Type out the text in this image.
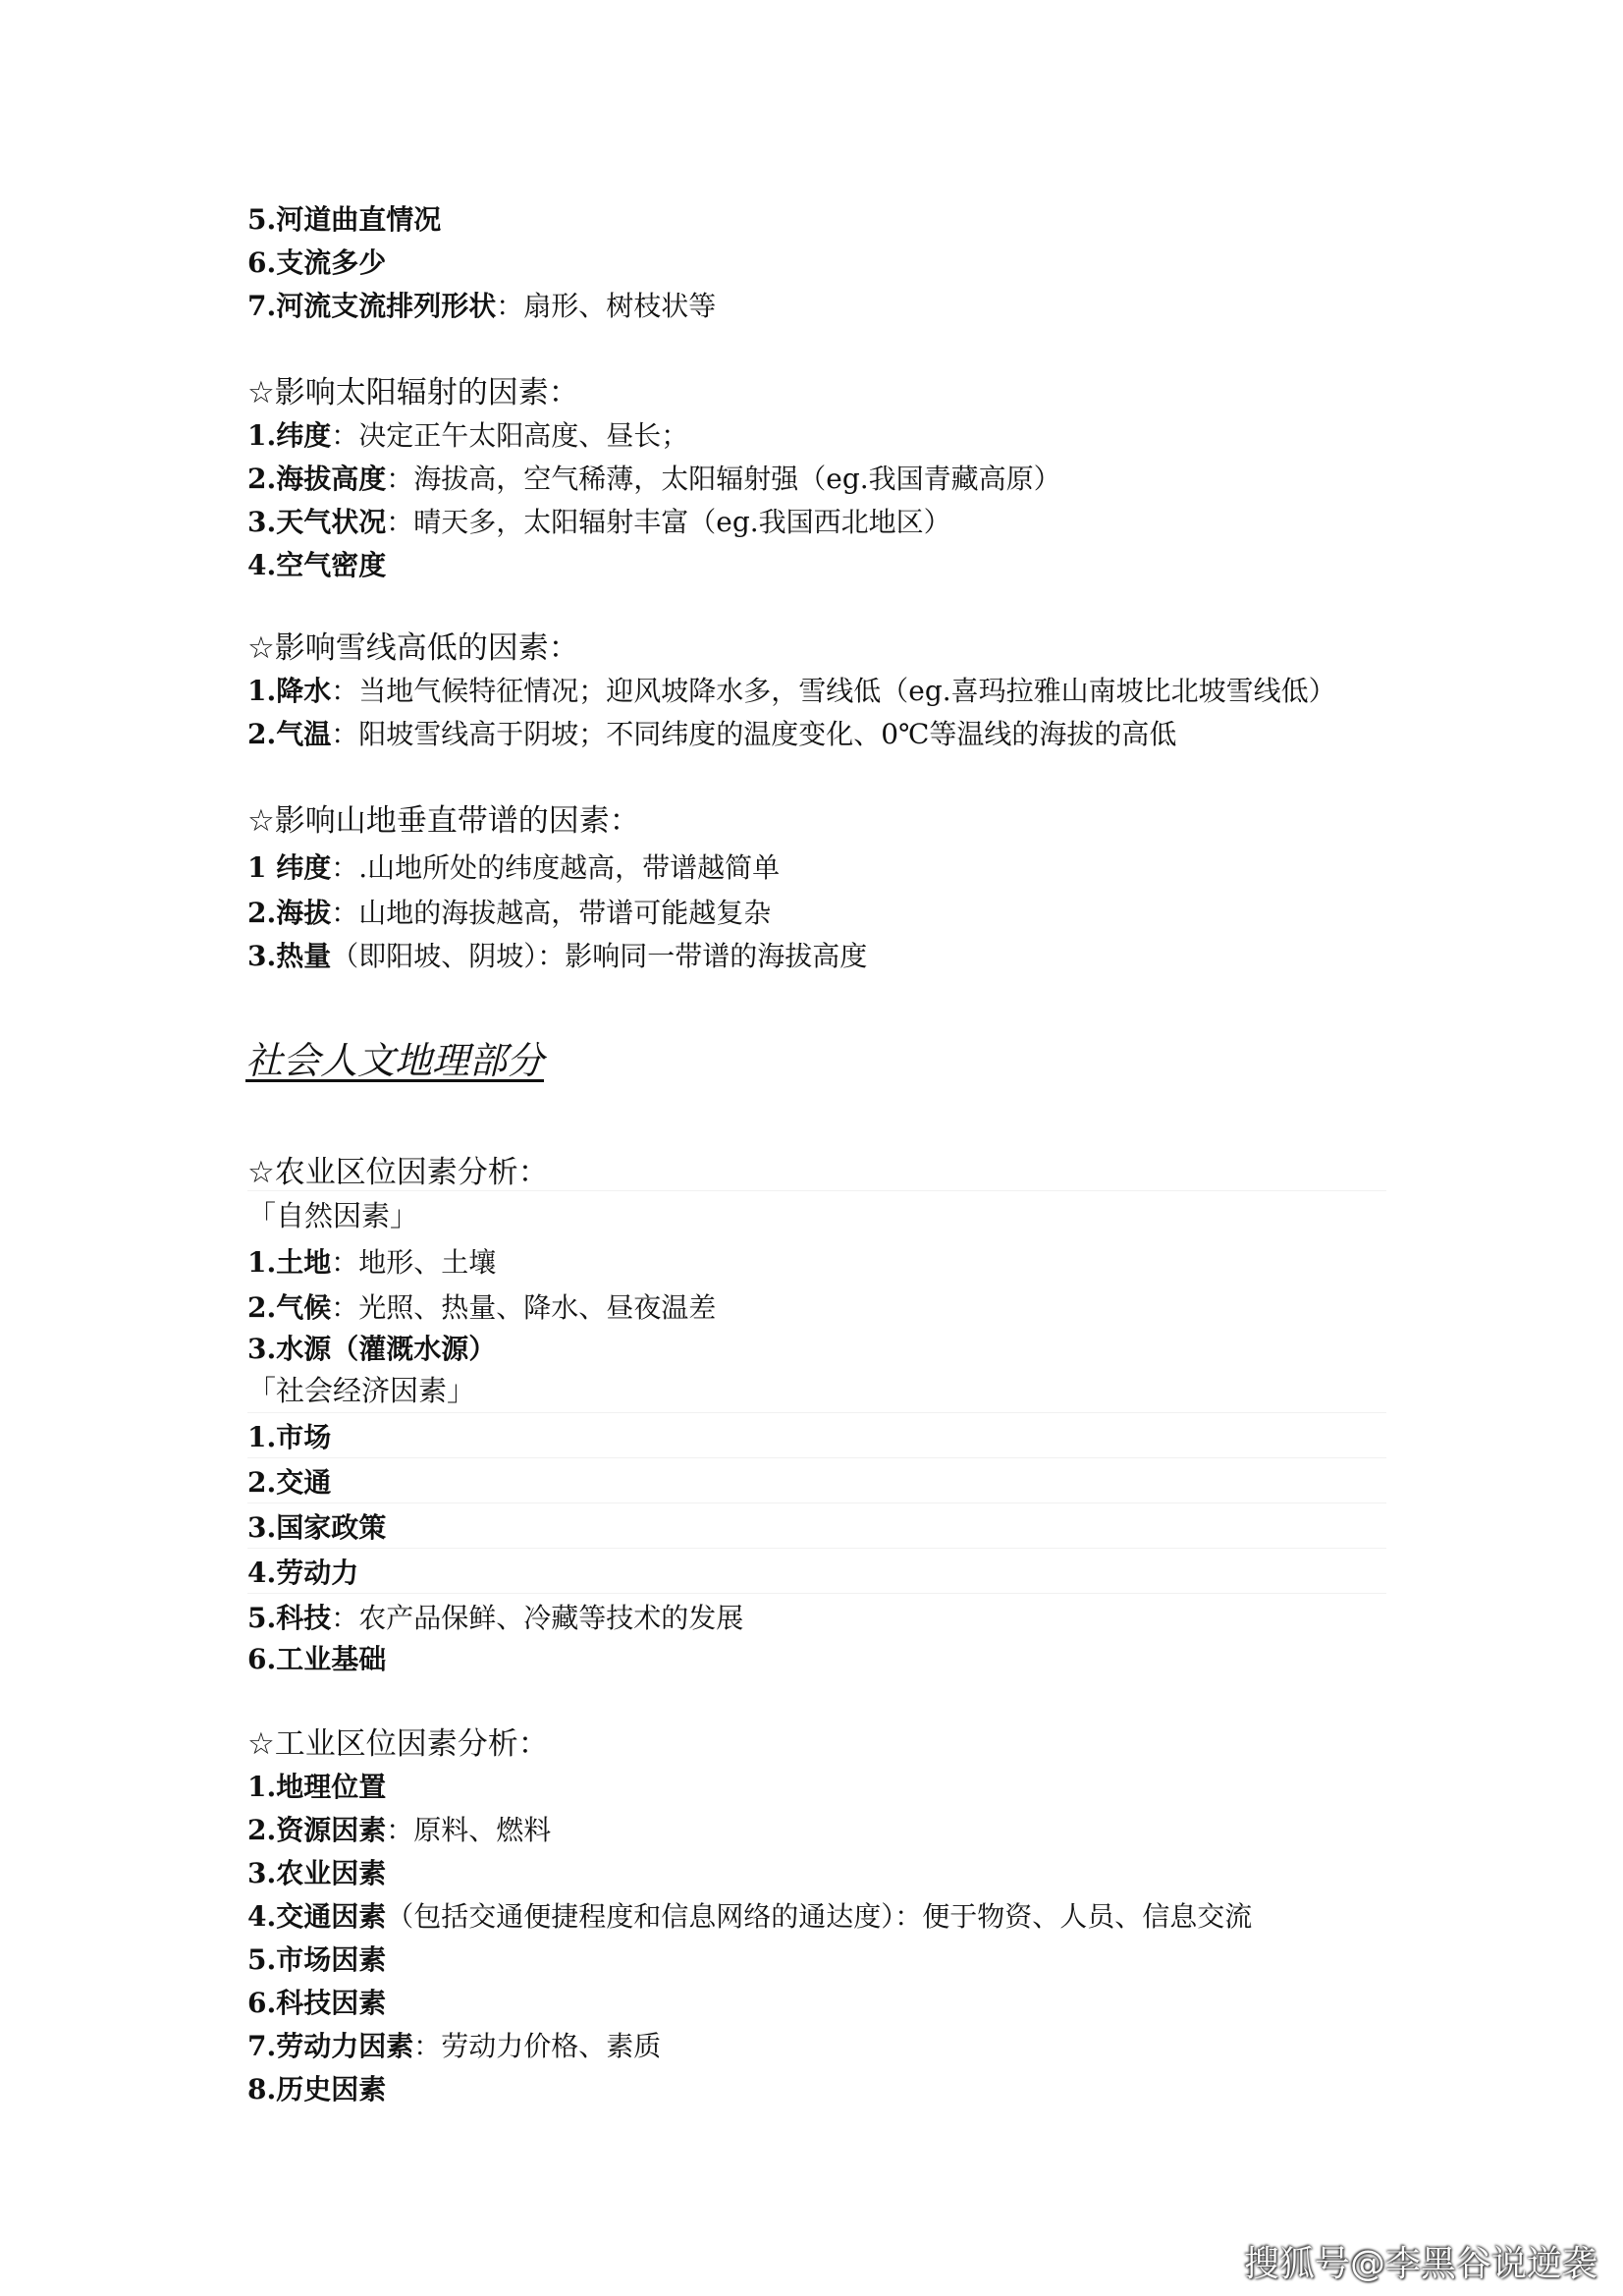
5.河道曲直情况
6.支流多少
7.河流支流排列形状：扇形、树枝状等
☆影响太阳辐射的因素：
1.纬度：决定正午太阳高度、昼长；
2.海拔高度：海拔高，空气稀薄，太阳辐射强（eg.我国青藏高原）
3.天气状况：晴天多，太阳辐射丰富（eg.我国西北地区）
4.空气密度
☆影响雪线高低的因素：
1.降水：当地气候特征情况；迎风坡降水多，雪线低（eg.喜玛拉雅山南坡比北坡雪线低）
2.气温：阳坡雪线高于阴坡；不同纬度的温度变化、0℃等温线的海拔的高低
☆影响山地垂直带谱的因素：
1 纬度：.山地所处的纬度越高，带谱越简单
2.海拔：山地的海拔越高，带谱可能越复杂
3.热量（即阳坡、阴坡）：影响同一带谱的海拔高度
社会人文地理部分
☆农业区位因素分析：
「自然因素」
1.土地：地形、土壤
2.气候：光照、热量、降水、昼夜温差
3.水源（灌溉水源）
「社会经济因素」
1.市场
2.交通
3.国家政策
4.劳动力
5.科技：农产品保鲜、冷藏等技术的发展
6.工业基础
☆工业区位因素分析：
1.地理位置
2.资源因素：原料、燃料
3.农业因素
4.交通因素（包括交通便捷程度和信息网络的通达度）：便于物资、人员、信息交流
5.市场因素
6.科技因素
7.劳动力因素：劳动力价格、素质
8.历史因素
搜狐号@李黑谷说逆袭
